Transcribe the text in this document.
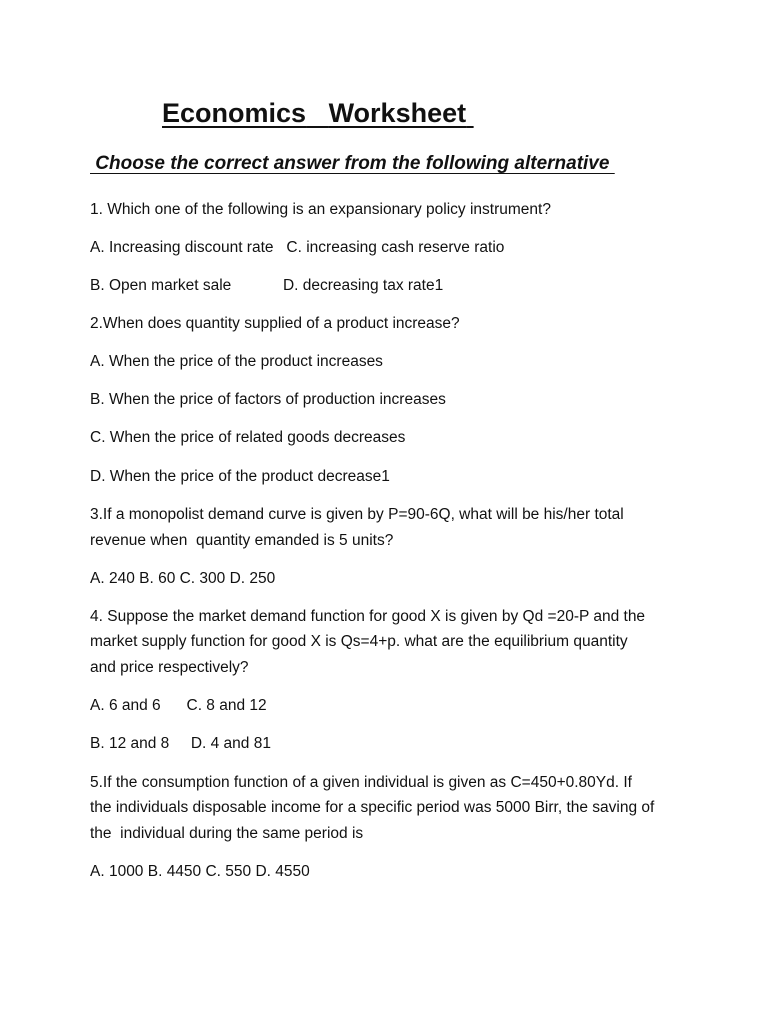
Economics Worksheet
Choose the correct answer from the following alternative
1. Which one of the following is an expansionary policy instrument?
A. Increasing discount rate   C. increasing cash reserve ratio
B. Open market sale            D. decreasing tax rate1
2.When does quantity supplied of a product increase?
A. When the price of the product increases
B. When the price of factors of production increases
C. When the price of related goods decreases
D. When the price of the product decrease1
3.If a monopolist demand curve is given by P=90-6Q, what will be his/her total
revenue when  quantity emanded is 5 units?
A. 240 B. 60 C. 300 D. 250
4. Suppose the market demand function for good X is given by Qd =20-P and the
market supply function for good X is Qs=4+p. what are the equilibrium quantity
and price respectively?
A. 6 and 6      C. 8 and 12
B. 12 and 8     D. 4 and 81
5.If the consumption function of a given individual is given as C=450+0.80Yd. If
the individuals disposable income for a specific period was 5000 Birr, the saving of
the  individual during the same period is
A. 1000 B. 4450 C. 550 D. 4550
